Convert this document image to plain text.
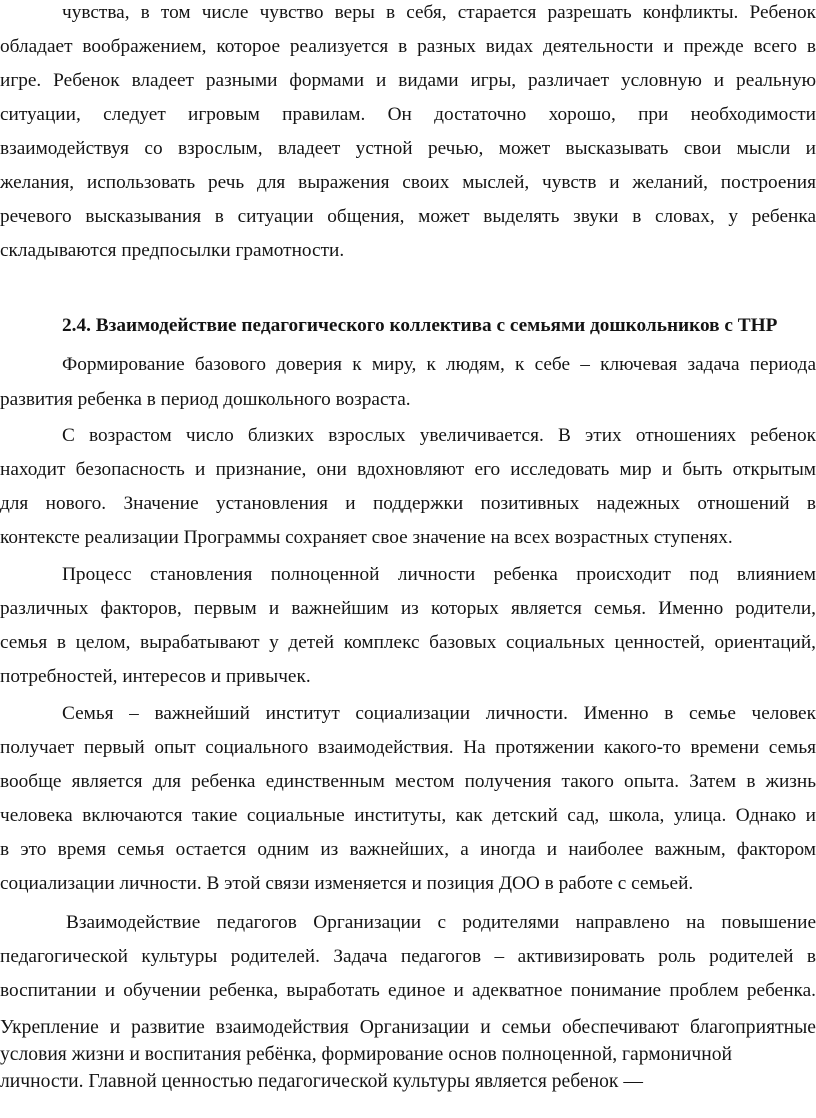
чувства, в том числе чувство веры в себя, старается разрешать конфликты. Ребенок
обладает воображением, которое реализуется в разных видах деятельности и прежде всего в
игре. Ребенок владеет разными формами и видами игры, различает условную и реальную
ситуации, следует игровым правилам. Он достаточно хорошо, при необходимости
взаимодействуя со взрослым, владеет устной речью, может высказывать свои мысли и
желания, использовать речь для выражения своих мыслей, чувств и желаний, построения
речевого высказывания в ситуации общения, может выделять звуки в словах, у ребенка
складываются предпосылки грамотности.
2.4. Взаимодействие педагогического коллектива с семьями дошкольников с ТНР
Формирование базового доверия к миру, к людям, к себе – ключевая задача периода
развития ребенка в период дошкольного возраста.
С возрастом число близких взрослых увеличивается. В этих отношениях ребенок
находит безопасность и признание, они вдохновляют его исследовать мир и быть открытым
для нового. Значение установления и поддержки позитивных надежных отношений в
контексте реализации Программы сохраняет свое значение на всех возрастных ступенях.
Процесс становления полноценной личности ребенка происходит под влиянием
различных факторов, первым и важнейшим из которых является семья. Именно родители,
семья в целом, вырабатывают у детей комплекс базовых социальных ценностей, ориентаций,
потребностей, интересов и привычек.
Семья – важнейший институт социализации личности. Именно в семье человек
получает первый опыт социального взаимодействия. На протяжении какого-то времени семья
вообще является для ребенка единственным местом получения такого опыта. Затем в жизнь
человека включаются такие социальные институты, как детский сад, школа, улица. Однако и
в это время семья остается одним из важнейших, а иногда и наиболее важным, фактором
социализации личности. В этой связи изменяется и позиция ДОО в работе с семьей.
Взаимодействие педагогов Организации с родителями направлено на повышение
педагогической культуры родителей. Задача педагогов – активизировать роль родителей в
воспитании и обучении ребенка, выработать единое и адекватное понимание проблем ребенка.
Укрепление и развитие взаимодействия Организации и семьи обеспечивают благоприятные
условия жизни и воспитания ребёнка, формирование основ полноценной, гармоничной
личности. Главной ценностью педагогической культуры является ребенок —
